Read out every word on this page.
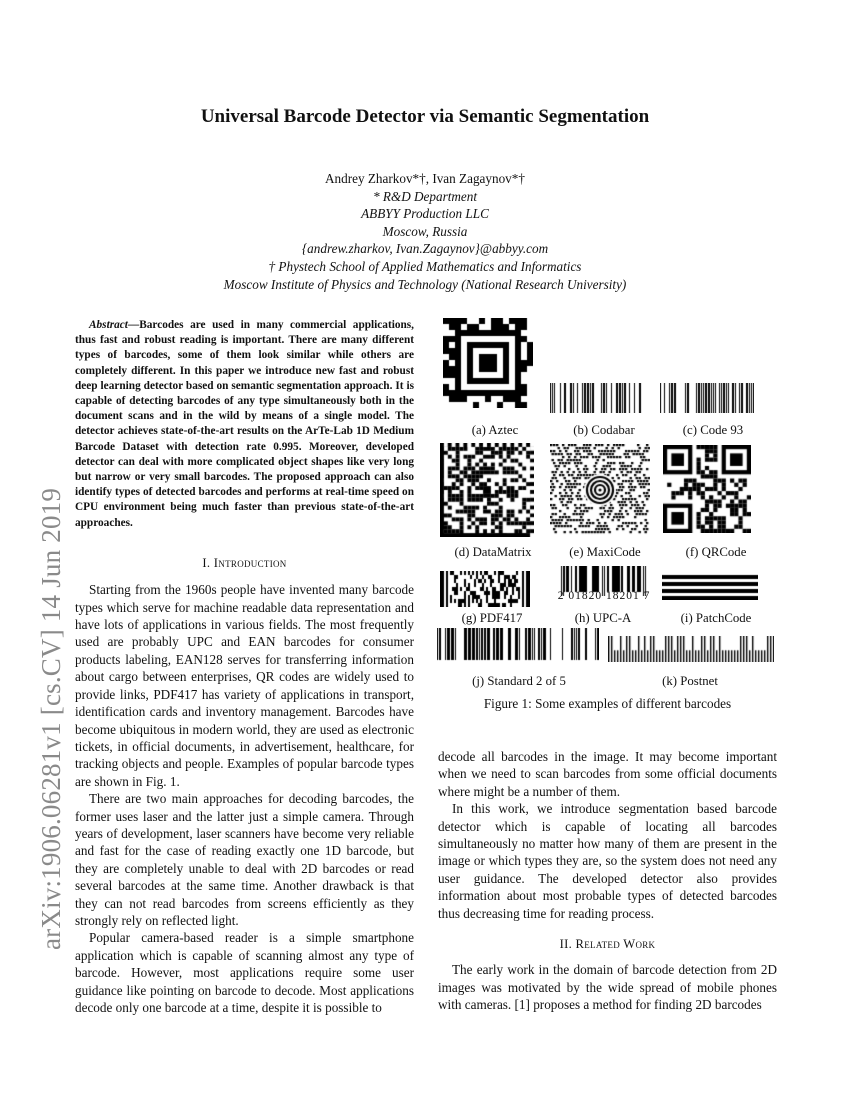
arXiv:1906.06281v1 [cs.CV] 14 Jun 2019
Universal Barcode Detector via Semantic Segmentation
Andrey Zharkov*†, Ivan Zagaynov*†
* R&D Department
ABBYY Production LLC
Moscow, Russia
{andrew.zharkov, Ivan.Zagaynov}@abbyy.com
† Phystech School of Applied Mathematics and Informatics
Moscow Institute of Physics and Technology (National Research University)

Abstract—Barcodes are used in many commercial applications, thus fast and robust reading is important. There are many different types of barcodes, some of them look similar while others are completely different. In this paper we introduce new fast and robust deep learning detector based on semantic segmentation approach. It is capable of detecting barcodes of any type simultaneously both in the document scans and in the wild by means of a single model. The detector achieves state-of-the-art results on the ArTe-Lab 1D Medium Barcode Dataset with detection rate 0.995. Moreover, developed detector can deal with more complicated object shapes like very long but narrow or very small barcodes. The proposed approach can also identify types of detected barcodes and performs at real-time speed on CPU environment being much faster than previous state-of-the-art approaches.

I. Introduction

Starting from the 1960s people have invented many barcode types which serve for machine readable data representation and have lots of applications in various fields. The most frequently used are probably UPC and EAN barcodes for consumer products labeling, EAN128 serves for transferring information about cargo between enterprises, QR codes are widely used to provide links, PDF417 has variety of applications in transport, identification cards and inventory management. Barcodes have become ubiquitous in modern world, they are used as electronic tickets, in official documents, in advertisement, healthcare, for tracking objects and people. Examples of popular barcode types are shown in Fig. 1.

There are two main approaches for decoding barcodes, the former uses laser and the latter just a simple camera. Through years of development, laser scanners have become very reliable and fast for the case of reading exactly one 1D barcode, but they are completely unable to deal with 2D barcodes or read several barcodes at the same time. Another drawback is that they can not read barcodes from screens efficiently as they strongly rely on reflected light.

Popular camera-based reader is a simple smartphone application which is capable of scanning almost any type of barcode. However, most applications require some user guidance like pointing on barcode to decode. Most applications decode only one barcode at a time, despite it is possible to

2 01820 18201 7
(a) Aztec	(b) Codabar	(c) Code 93
(d) DataMatrix	(e) MaxiCode	(f) QRCode
(g) PDF417	(h) UPC-A	(i) PatchCode
(j) Standard 2 of 5	(k) Postnet
Figure 1: Some examples of different barcodes

decode all barcodes in the image. It may become important when we need to scan barcodes from some official documents where might be a number of them.

In this work, we introduce segmentation based barcode detector which is capable of locating all barcodes simultaneously no matter how many of them are present in the image or which types they are, so the system does not need any user guidance. The developed detector also provides information about most probable types of detected barcodes thus decreasing time for reading process.

II. Related Work

The early work in the domain of barcode detection from 2D images was motivated by the wide spread of mobile phones with cameras. [1] proposes a method for finding 2D barcodes
